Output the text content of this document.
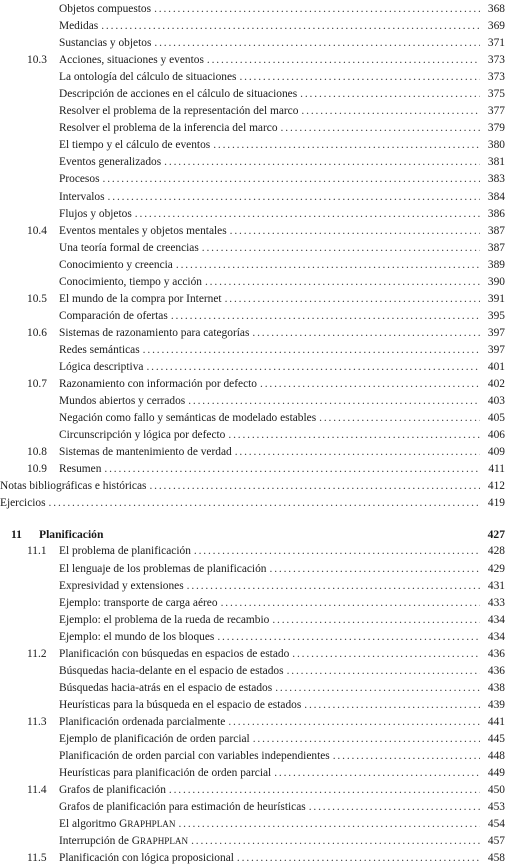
Objetos compuestos . . .	368
Medidas . . .	369
Sustancias y objetos . . .	371
10.3 Acciones, situaciones y eventos . . .	373
La ontología del cálculo de situaciones . . .	373
Descripción de acciones en el cálculo de situaciones . . .	375
Resolver el problema de la representación del marco . . .	377
Resolver el problema de la inferencia del marco . . .	379
El tiempo y el cálculo de eventos . . .	380
Eventos generalizados . . .	381
Procesos . . .	383
Intervalos . . .	384
Flujos y objetos . . .	386
10.4 Eventos mentales y objetos mentales . . .	387
Una teoría formal de creencias . . .	387
Conocimiento y creencia . . .	389
Conocimiento, tiempo y acción . . .	390
10.5 El mundo de la compra por Internet . . .	391
Comparación de ofertas . . .	395
10.6 Sistemas de razonamiento para categorías . . .	397
Redes semánticas . . .	397
Lógica descriptiva . . .	401
10.7 Razonamiento con información por defecto . . .	402
Mundos abiertos y cerrados . . .	403
Negación como fallo y semánticas de modelado estables . . .	405
Circunscripción y lógica por defecto . . .	406
10.8 Sistemas de mantenimiento de verdad . . .	409
10.9 Resumen . . .	411
Notas bibliográficas e históricas . . .	412
Ejercicios . . .	419
11 Planificación	427
11.1 El problema de planificación . . .	428
El lenguaje de los problemas de planificación . . .	429
Expresividad y extensiones . . .	431
Ejemplo: transporte de carga aéreo . . .	433
Ejemplo: el problema de la rueda de recambio . . .	434
Ejemplo: el mundo de los bloques . . .	434
11.2 Planificación con búsquedas en espacios de estado . . .	436
Búsquedas hacia-delante en el espacio de estados . . .	436
Búsquedas hacia-atrás en el espacio de estados . . .	438
Heurísticas para la búsqueda en el espacio de estados . . .	439
11.3 Planificación ordenada parcialmente . . .	441
Ejemplo de planificación de orden parcial . . .	445
Planificación de orden parcial con variables independientes . . .	448
Heurísticas para planificación de orden parcial . . .	449
11.4 Grafos de planificación . . .	450
Grafos de planificación para estimación de heurísticas . . .	453
El algoritmo GRAPHPLAN . . .	454
Interrupción de GRAPHPLAN . . .	457
11.5 Planificación con lógica proposicional . . .	458
